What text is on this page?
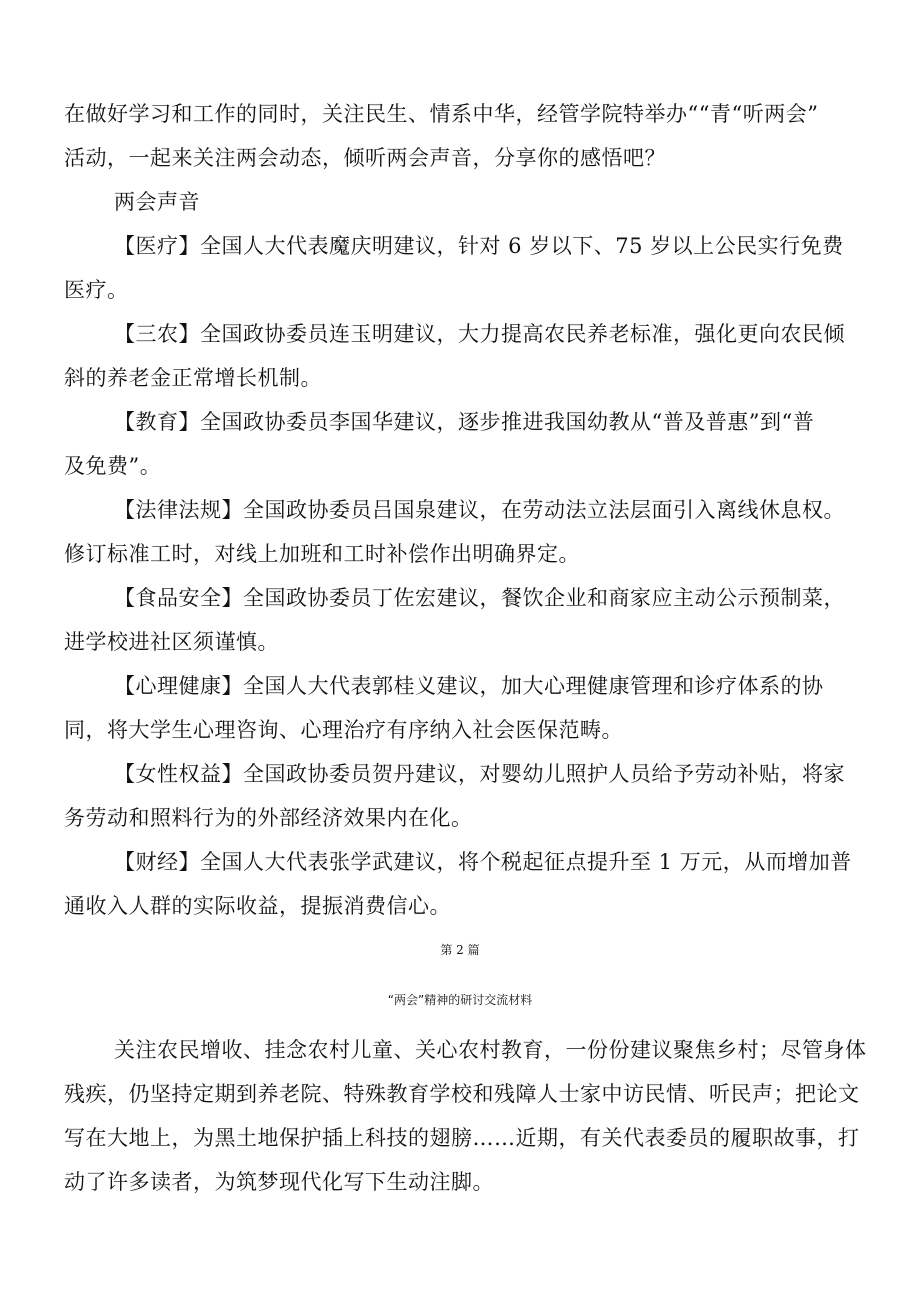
在做好学习和工作的同时，关注民生、情系中华，经管学院特举办““青“听两会”
活动，一起来关注两会动态，倾听两会声音，分享你的感悟吧？
两会声音
【医疗】全国人大代表魔庆明建议，针对 6 岁以下、75 岁以上公民实行免费
医疗。
【三农】全国政协委员连玉明建议，大力提高农民养老标准，强化更向农民倾
斜的养老金正常增长机制。
【教育】全国政协委员李国华建议，逐步推进我国幼教从“普及普惠”到“普
及免费”。
【法律法规】全国政协委员吕国泉建议，在劳动法立法层面引入离线休息权。
修订标准工时，对线上加班和工时补偿作出明确界定。
【食品安全】全国政协委员丁佐宏建议，餐饮企业和商家应主动公示预制菜，
进学校进社区须谨慎。
【心理健康】全国人大代表郭桂义建议，加大心理健康管理和诊疗体系的协
同，将大学生心理咨询、心理治疗有序纳入社会医保范畴。
【女性权益】全国政协委员贺丹建议，对婴幼儿照护人员给予劳动补贴，将家
务劳动和照料行为的外部经济效果内在化。
【财经】全国人大代表张学武建议，将个税起征点提升至 1 万元，从而增加普
通收入人群的实际收益，提振消费信心。
第 2 篇
“两会”精神的研讨交流材料
关注农民增收、挂念农村儿童、关心农村教育，一份份建议聚焦乡村；尽管身体
残疾，仍坚持定期到养老院、特殊教育学校和残障人士家中访民情、听民声；把论文
写在大地上，为黑土地保护插上科技的翅膀……近期，有关代表委员的履职故事，打
动了许多读者，为筑梦现代化写下生动注脚。
